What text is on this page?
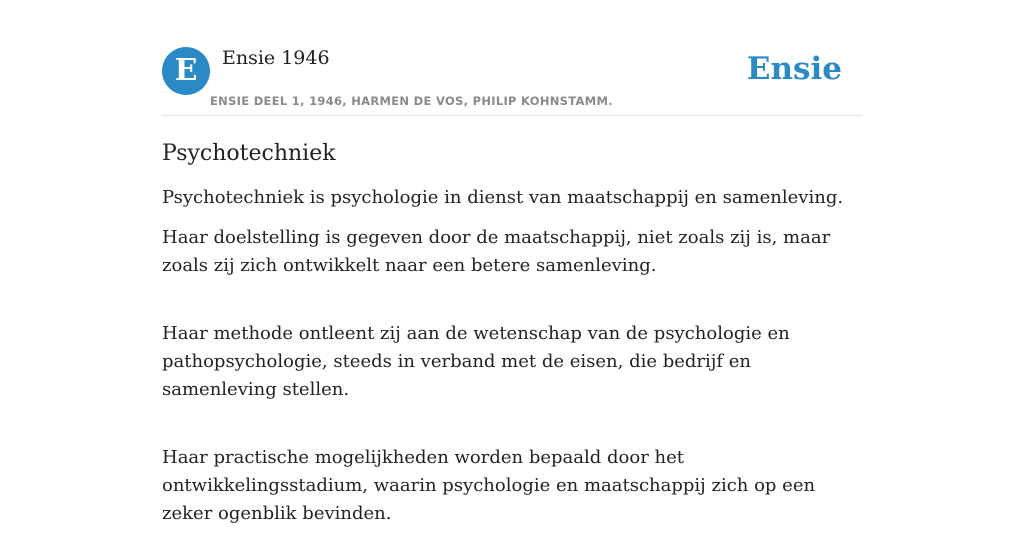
E	Ensie 1946
ENSIE DEEL 1, 1946, HARMEN DE VOS, PHILIP KOHNSTAMM.
Ensie
Psychotechniek

Psychotechniek is psychologie in dienst van maatschappij en samenleving.

Haar doelstelling is gegeven door de maatschappij, niet zoals zij is, maar zoals zij zich ontwikkelt naar een betere samenleving.

Haar methode ontleent zij aan de wetenschap van de psychologie en pathopsychologie, steeds in verband met de eisen, die bedrijf en samenleving stellen.

Haar practische mogelijkheden worden bepaald door het ontwikkelingsstadium, waarin psychologie en maatschappij zich op een zeker ogenblik bevinden.
